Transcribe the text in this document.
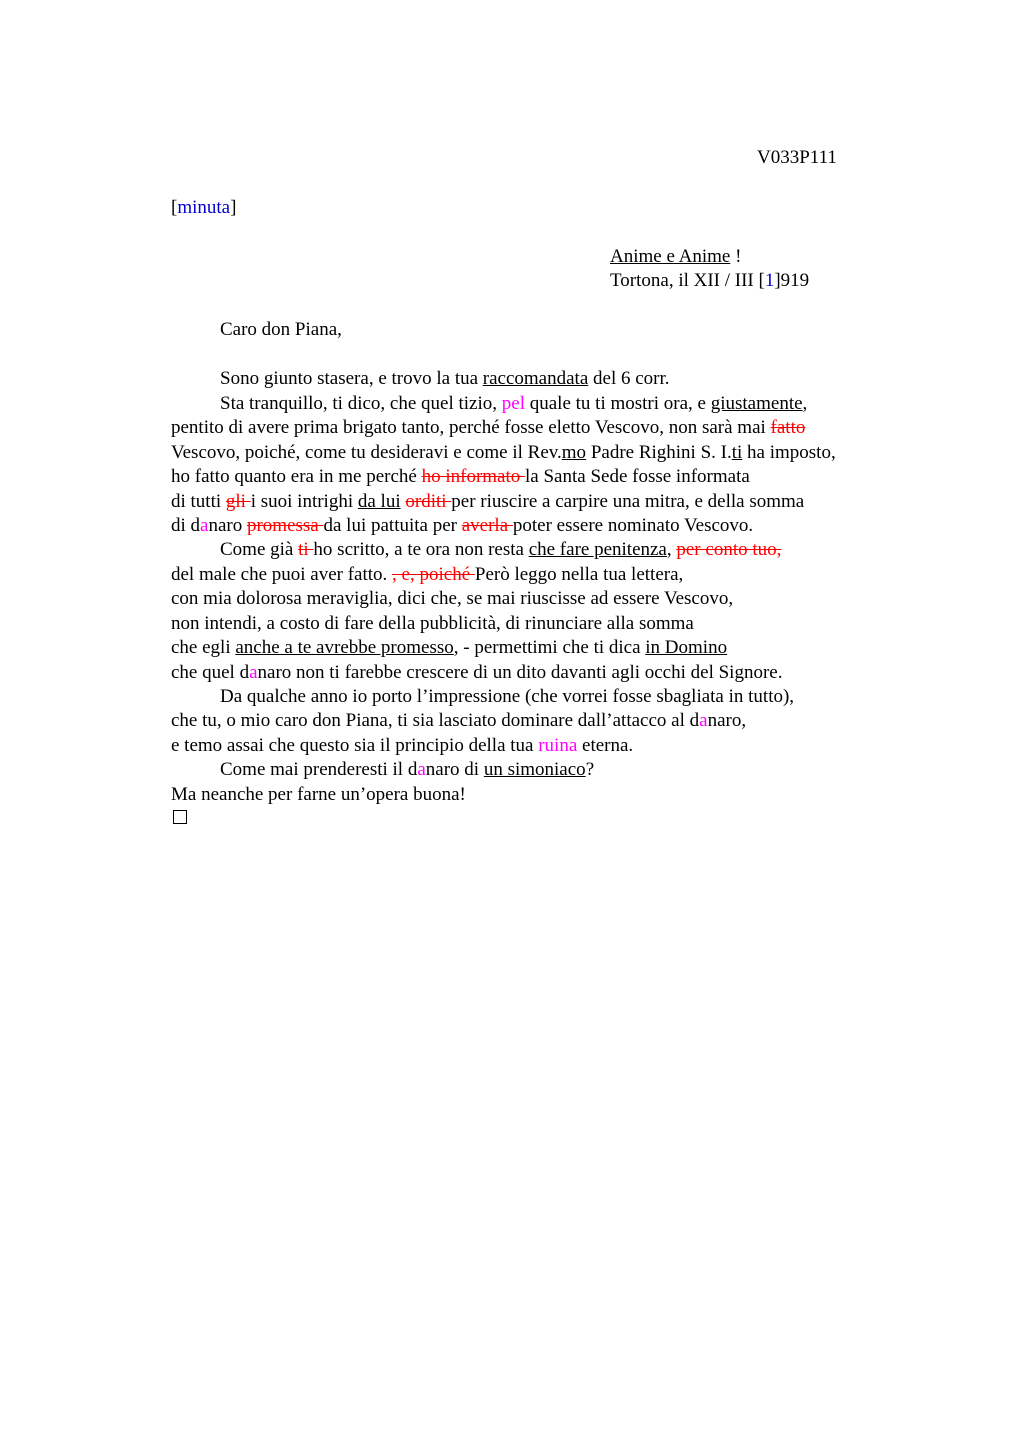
V033P111
[minuta]
Anime e Anime !
Tortona, il XII / III [1]919
Caro don Piana,
Sono giunto stasera, e trovo la tua raccomandata del 6 corr.
Sta tranquillo, ti dico, che quel tizio, pel quale tu ti mostri ora, e giustamente,
pentito di avere prima brigato tanto, perché fosse eletto Vescovo, non sarà mai fatto
Vescovo, poiché, come tu desideravi e come il Rev.mo Padre Righini S. I.ti ha imposto,
ho fatto quanto era in me perché ho informato la Santa Sede fosse informata
di tutti gli i suoi intrighi da lui orditi per riuscire a carpire una mitra, e della somma
di danaro promessa da lui pattuita per averla poter essere nominato Vescovo.
Come già ti ho scritto, a te ora non resta che fare penitenza, per conto tuo,
del male che puoi aver fatto. , e, poiché Però leggo nella tua lettera,
con mia dolorosa meraviglia, dici che, se mai riuscisse ad essere Vescovo,
non intendi, a costo di fare della pubblicità, di rinunciare alla somma
che egli anche a te avrebbe promesso, - permettimi che ti dica in Domino
che quel danaro non ti farebbe crescere di un dito davanti agli occhi del Signore.
Da qualche anno io porto l’impressione (che vorrei fosse sbagliata in tutto),
che tu, o mio caro don Piana, ti sia lasciato dominare dall’attacco al danaro,
e temo assai che questo sia il principio della tua ruina eterna.
Come mai prenderesti il danaro di un simoniaco?
Ma neanche per farne un’opera buona!
